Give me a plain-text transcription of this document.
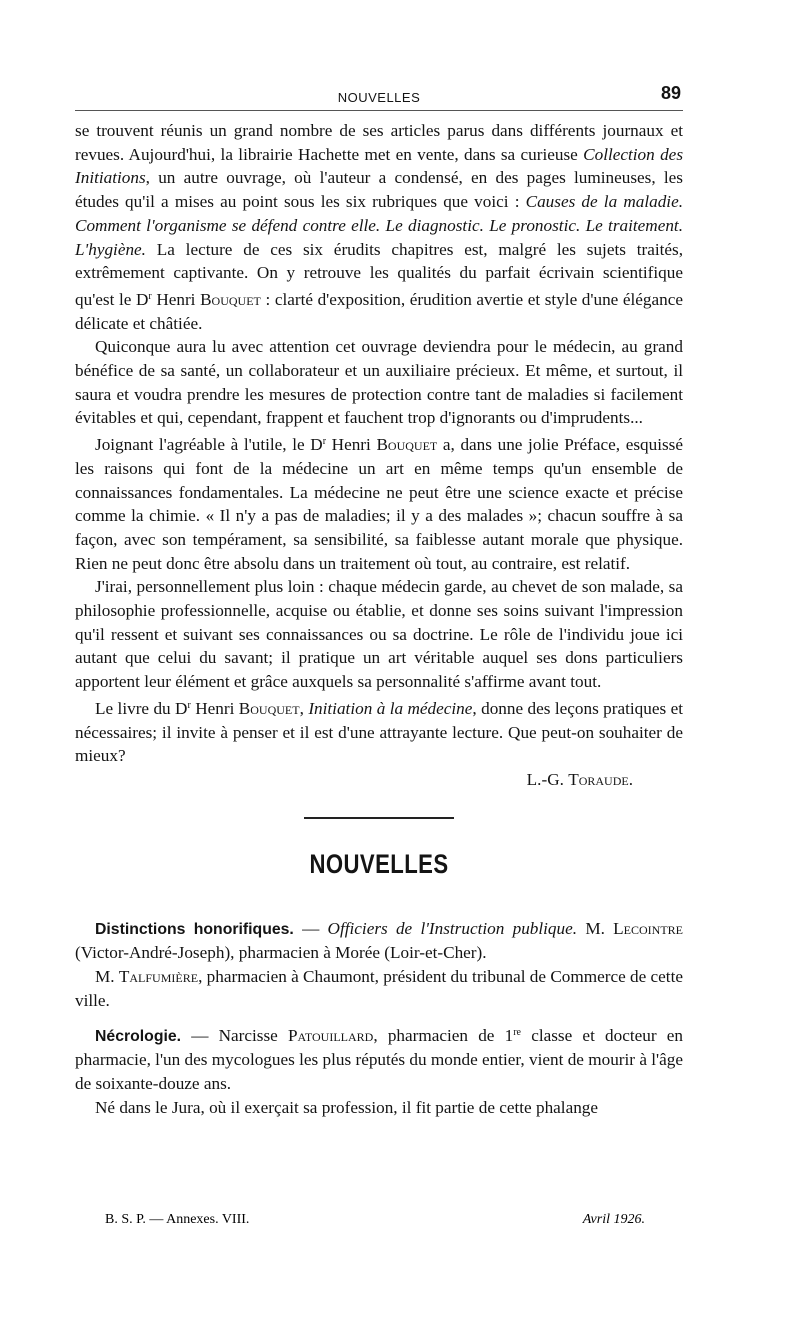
NOUVELLES	89

se trouvent réunis un grand nombre de ses articles parus dans différents journaux et revues. Aujourd'hui, la librairie Hachette met en vente, dans sa curieuse Collection des Initiations, un autre ouvrage, où l'auteur a condensé, en des pages lumineuses, les études qu'il a mises au point sous les six rubriques que voici : Causes de la maladie. Comment l'organisme se défend contre elle. Le diagnostic. Le pronostic. Le traitement. L'hygiène. La lecture de ces six érudits chapitres est, malgré les sujets traités, extrêmement captivante. On y retrouve les qualités du parfait écrivain scientifique qu'est le $D^r$ Henri Bouquet : clarté d'exposition, érudition avertie et style d'une élégance délicate et châtiée.

Quiconque aura lu avec attention cet ouvrage deviendra pour le médecin, au grand bénéfice de sa santé, un collaborateur et un auxiliaire précieux. Et même, et surtout, il saura et voudra prendre les mesures de protection contre tant de maladies si facilement évitables et qui, cependant, frappent et fauchent trop d'ignorants ou d'imprudents...

Joignant l'agréable à l'utile, le $D^r$ Henri Bouquet a, dans une jolie Préface, esquissé les raisons qui font de la médecine un art en même temps qu'un ensemble de connaissances fondamentales. La médecine ne peut être une science exacte et précise comme la chimie. « Il n'y a pas de maladies; il y a des malades »; chacun souffre à sa façon, avec son tempérament, sa sensibilité, sa faiblesse autant morale que physique. Rien ne peut donc être absolu dans un traitement où tout, au contraire, est relatif.

J'irai, personnellement plus loin : chaque médecin garde, au chevet de son malade, sa philosophie professionnelle, acquise ou établie, et donne ses soins suivant l'impression qu'il ressent et suivant ses connaissances ou sa doctrine. Le rôle de l'individu joue ici autant que celui du savant; il pratique un art véritable auquel ses dons particuliers apportent leur élément et grâce auxquels sa personnalité s'affirme avant tout.

Le livre du $D^r$ Henri Bouquet, Initiation à la médecine, donne des leçons pratiques et nécessaires; il invite à penser et il est d'une attrayante lecture. Que peut-on souhaiter de mieux?

L.-G. Toraude.

NOUVELLES

Distinctions honorifiques. — Officiers de l'Instruction publique. M. Lecointre (Victor-André-Joseph), pharmacien à Morée (Loir-et-Cher).

M. Talfumière, pharmacien à Chaumont, président du tribunal de Commerce de cette ville.

Nécrologie. — Narcisse Patouillard, pharmacien de 1re classe et docteur en pharmacie, l'un des mycologues les plus réputés du monde entier, vient de mourir à l'âge de soixante-douze ans.

Né dans le Jura, où il exerçait sa profession, il fit partie de cette phalange

B. S. P. — Annexes. VIII.	Avril 1926.
